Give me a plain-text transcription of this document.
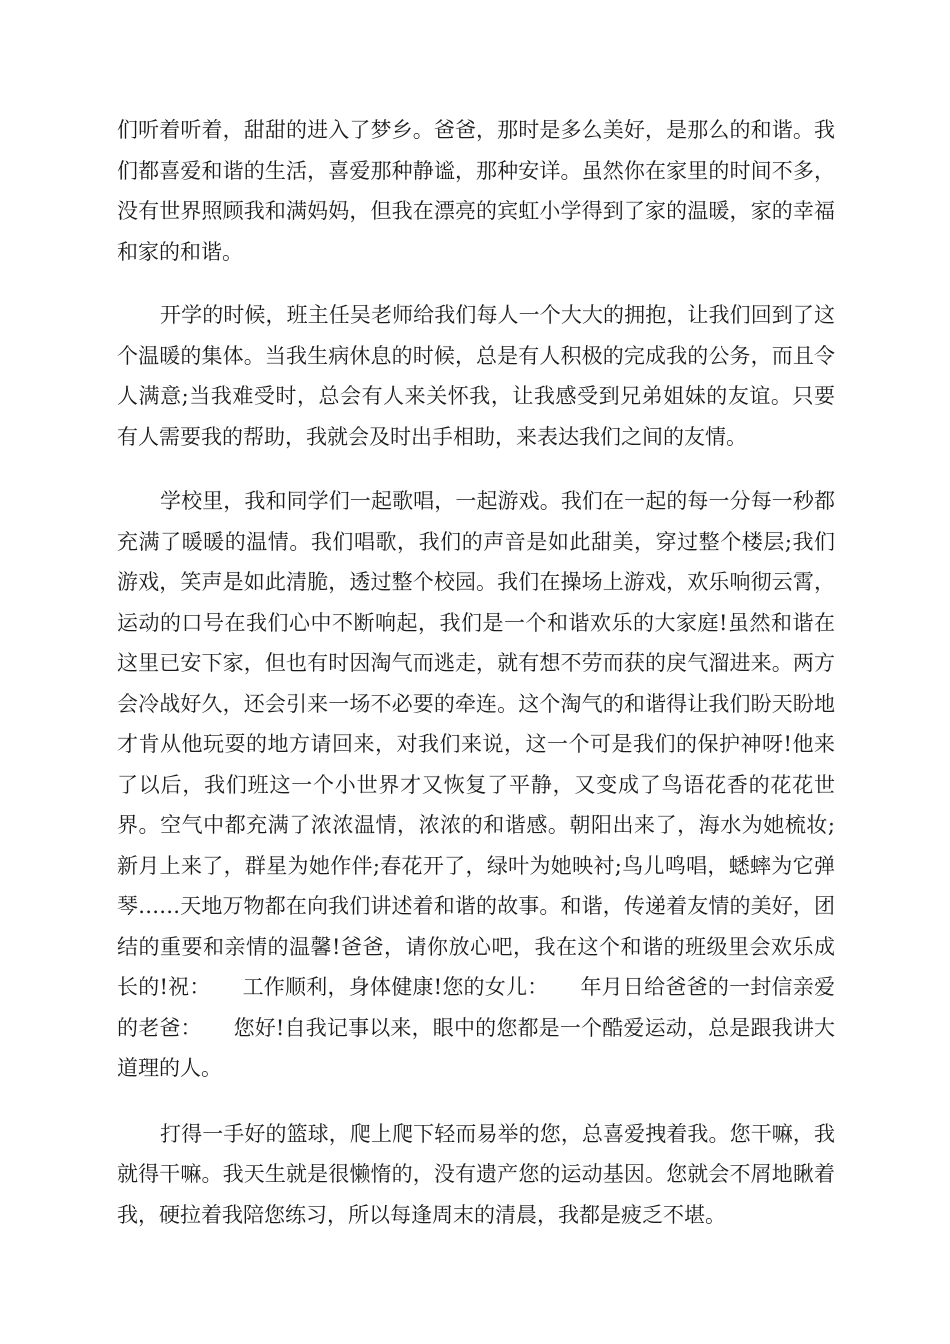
们听着听着，甜甜的进入了梦乡。爸爸，那时是多么美好，是那么的和谐。我们都喜爱和谐的生活，喜爱那种静谧，那种安详。虽然你在家里的时间不多，没有世界照顾我和满妈妈，但我在漂亮的宾虹小学得到了家的温暖，家的幸福和家的和谐。

开学的时候，班主任吴老师给我们每人一个大大的拥抱，让我们回到了这个温暖的集体。当我生病休息的时候，总是有人积极的完成我的公务，而且令人满意;当我难受时，总会有人来关怀我，让我感受到兄弟姐妹的友谊。只要有人需要我的帮助，我就会及时出手相助，来表达我们之间的友情。

学校里，我和同学们一起歌唱，一起游戏。我们在一起的每一分每一秒都充满了暖暖的温情。我们唱歌，我们的声音是如此甜美，穿过整个楼层;我们游戏，笑声是如此清脆，透过整个校园。我们在操场上游戏，欢乐响彻云霄，运动的口号在我们心中不断响起，我们是一个和谐欢乐的大家庭!虽然和谐在这里已安下家，但也有时因淘气而逃走，就有想不劳而获的戾气溜进来。两方会冷战好久，还会引来一场不必要的牵连。这个淘气的和谐得让我们盼天盼地才肯从他玩耍的地方请回来，对我们来说，这一个可是我们的保护神呀!他来了以后，我们班这一个小世界才又恢复了平静，又变成了鸟语花香的花花世界。空气中都充满了浓浓温情，浓浓的和谐感。朝阳出来了，海水为她梳妆;新月上来了，群星为她作伴;春花开了，绿叶为她映衬;鸟儿鸣唱，蟋蟀为它弹琴……天地万物都在向我们讲述着和谐的故事。和谐，传递着友情的美好，团结的重要和亲情的温馨!爸爸，请你放心吧，我在这个和谐的班级里会欢乐成长的!祝：　　工作顺利，身体健康!您的女儿：　　年月日给爸爸的一封信亲爱的老爸：　　您好!自我记事以来，眼中的您都是一个酷爱运动，总是跟我讲大道理的人。

打得一手好的篮球，爬上爬下轻而易举的您，总喜爱拽着我。您干嘛，我就得干嘛。我天生就是很懒惰的，没有遗产您的运动基因。您就会不屑地瞅着我，硬拉着我陪您练习，所以每逢周末的清晨，我都是疲乏不堪。
